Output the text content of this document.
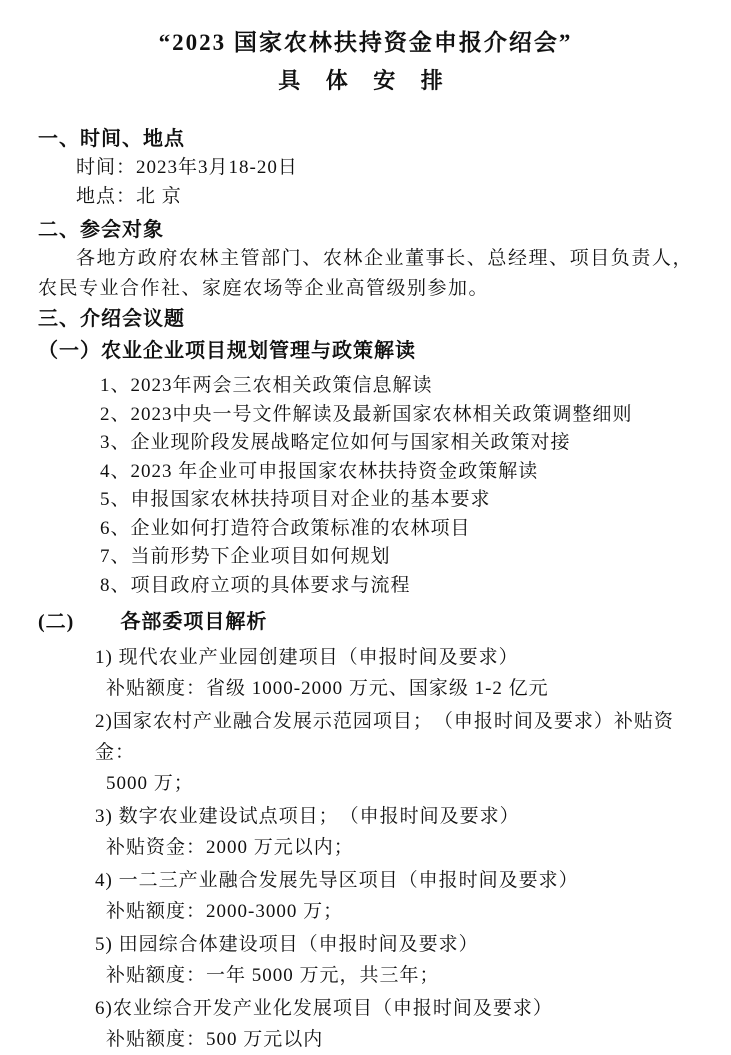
“2023 国家农林扶持资金申报介绍会”
具 体 安 排
一、时间、地点
时间：2023年3月18-20日
地点：北 京
二、参会对象

各地方政府农林主管部门、农林企业董事长、总经理、项目负责人，农民专业合作社、家庭农场等企业高管级别参加。

三、介绍会议题
（一）农业企业项目规划管理与政策解读
1、2023年两会三农相关政策信息解读
2、2023中央一号文件解读及最新国家农林相关政策调整细则
3、企业现阶段发展战略定位如何与国家相关政策对接
4、2023 年企业可申报国家农林扶持资金政策解读
5、申报国家农林扶持项目对企业的基本要求
6、企业如何打造符合政策标准的农林项目
7、当前形势下企业项目如何规划
8、项目政府立项的具体要求与流程
(二) 各部委项目解析
1) 现代农业产业园创建项目（申报时间及要求）
补贴额度：省级 1000-2000 万元、国家级 1-2 亿元
2)国家农村产业融合发展示范园项目；　（申报时间及要求）补贴资金：
5000 万；
3) 数字农业建设试点项目；　（申报时间及要求）
补贴资金：2000 万元以内；
4) 一二三产业融合发展先导区项目（申报时间及要求）
补贴额度：2000-3000 万；
5) 田园综合体建设项目（申报时间及要求）
补贴额度：一年 5000 万元，共三年；
6)农业综合开发产业化发展项目（申报时间及要求）
补贴额度：500 万元以内
